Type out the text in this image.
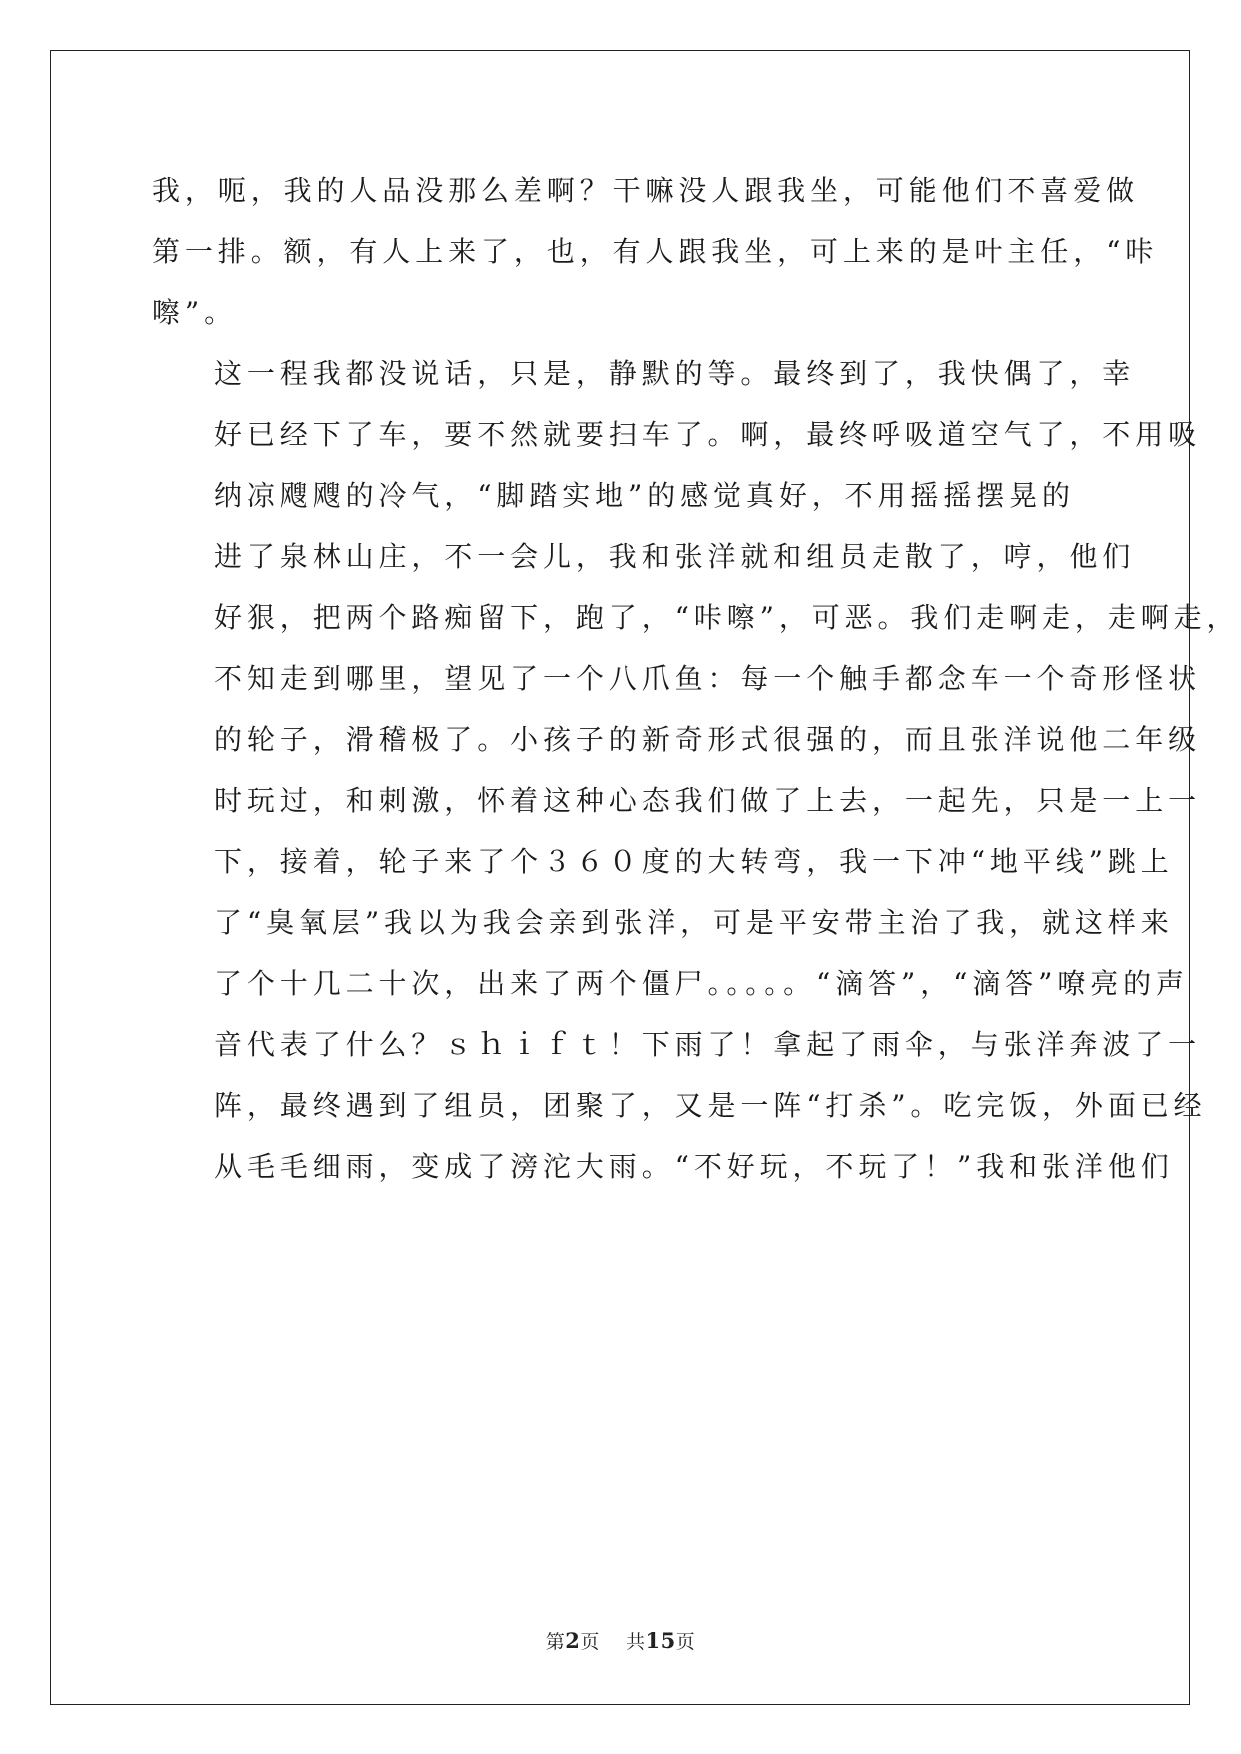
我，呃，我的人品没那么差啊？干嘛没人跟我坐，可能他们不喜爱做
第一排。额，有人上来了，也，有人跟我坐，可上来的是叶主任，“咔
嚓”。

这一程我都没说话，只是，静默的等。最终到了，我快偶了，幸
好已经下了车，要不然就要扫车了。啊，最终呼吸道空气了，不用吸
纳凉飕飕的冷气，“脚踏实地”的感觉真好，不用摇摇摆晃的

进了泉林山庄，不一会儿，我和张洋就和组员走散了，哼，他们
好狠，把两个路痴留下，跑了，“咔嚓”，可恶。我们走啊走，走啊走，
不知走到哪里，望见了一个八爪鱼：每一个触手都念车一个奇形怪状
的轮子，滑稽极了。小孩子的新奇形式很强的，而且张洋说他二年级
时玩过，和刺激，怀着这种心态我们做了上去，一起先，只是一上一
下，接着，轮子来了个３６０度的大转弯，我一下冲“地平线”跳上
了“臭氧层”我以为我会亲到张洋，可是平安带主治了我，就这样来
了个十几二十次，出来了两个僵尸。。。。。“滴答”，“滴答”嘹亮的声
音代表了什么？ｓｈｉｆｔ！下雨了！拿起了雨伞，与张洋奔波了一
阵，最终遇到了组员，团聚了，又是一阵“打杀”。吃完饭，外面已经
从毛毛细雨，变成了滂沱大雨。“不好玩，不玩了！”我和张洋他们

第2页 共15页
